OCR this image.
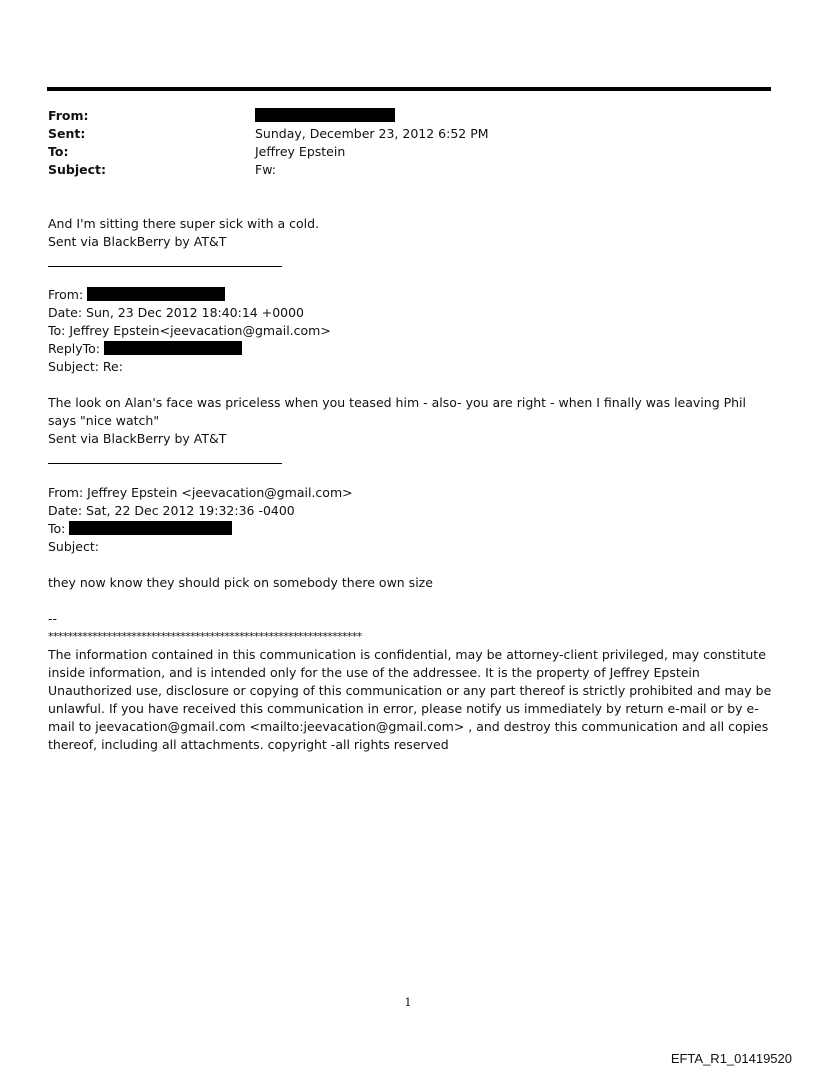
From:
Sent:	Sunday, December 23, 2012 6:52 PM
To:	Jeffrey Epstein
Subject:	Fw:
And I'm sitting there super sick with a cold.
Sent via BlackBerry by AT&T
From:
Date: Sun, 23 Dec 2012 18:40:14 +0000
To: Jeffrey Epstein<jeevacation@gmail.com>
ReplyTo:
Subject: Re:
The look on Alan's face was priceless when you teased him - also- you are right - when I finally was leaving Phil says "nice watch"
Sent via BlackBerry by AT&T
From: Jeffrey Epstein <jeevacation@gmail.com>
Date: Sat, 22 Dec 2012 19:32:36 -0400
To:
Subject:
they now know they should pick on somebody there own size
--
****************************************************************
The information contained in this communication is confidential, may be attorney-client privileged, may constitute inside information, and is intended only for the use of the addressee. It is the property of Jeffrey Epstein Unauthorized use, disclosure or copying of this communication or any part thereof is strictly prohibited and may be unlawful. If you have received this communication in error, please notify us immediately by return e-mail or by e-mail to jeevacation@gmail.com <mailto:jeevacation@gmail.com> , and destroy this communication and all copies thereof, including all attachments. copyright -all rights reserved
1
EFTA_R1_01419520
